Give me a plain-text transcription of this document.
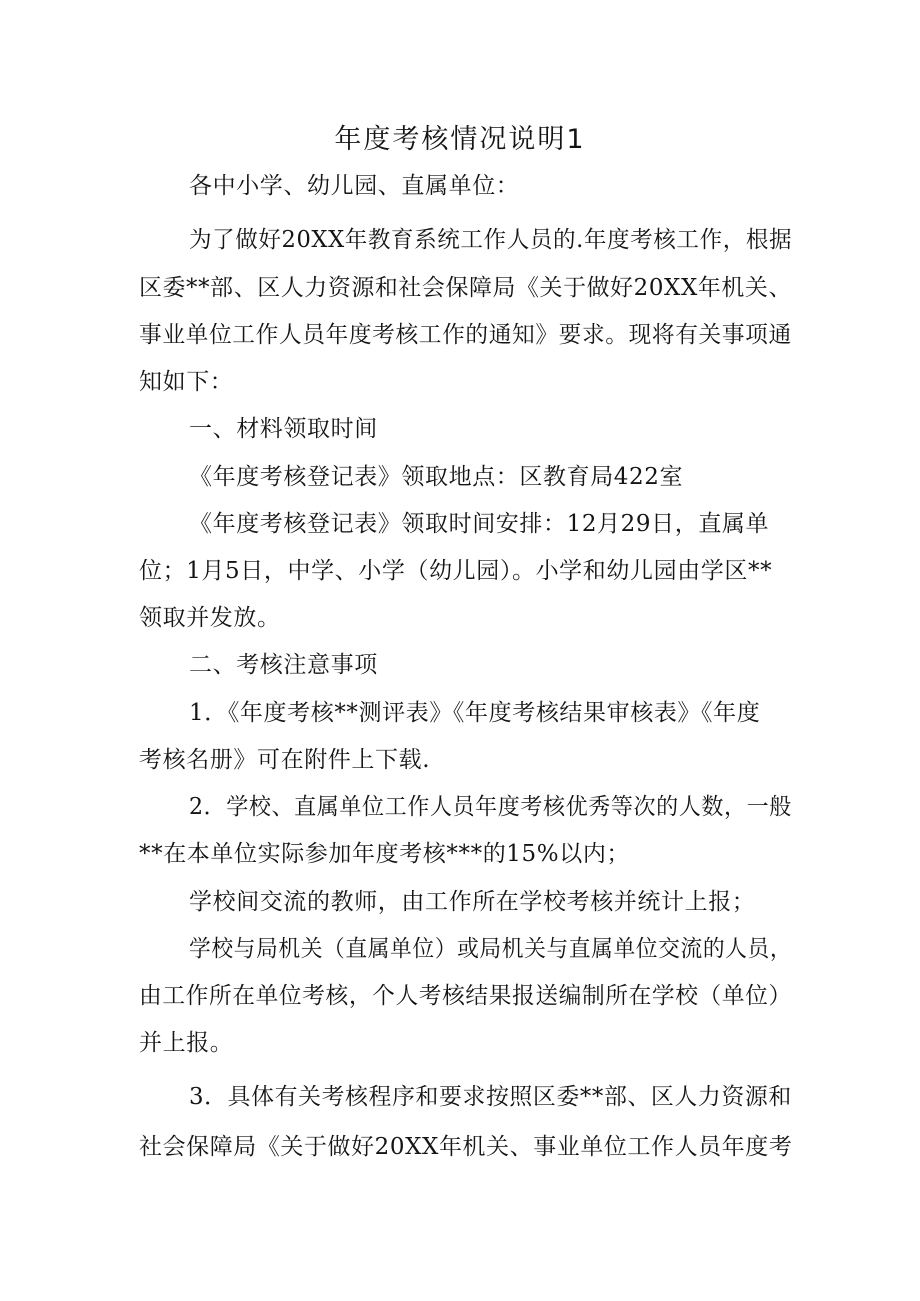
年度考核情况说明1
各中小学、幼儿园、直属单位：
为了做好20XX年教育系统工作人员的.年度考核工作，根据
区委**部、区人力资源和社会保障局《关于做好20XX年机关、
事业单位工作人员年度考核工作的通知》要求。现将有关事项通
知如下：
一、材料领取时间
《年度考核登记表》领取地点：区教育局422室
《年度考核登记表》领取时间安排：12月29日，直属单
位；1月5日，中学、小学（幼儿园）。小学和幼儿园由学区**
领取并发放。
二、考核注意事项
1．《年度考核**测评表》《年度考核结果审核表》《年度
考核名册》可在附件上下载.
2．学校、直属单位工作人员年度考核优秀等次的人数，一般
**在本单位实际参加年度考核***的15%以内；
学校间交流的教师，由工作所在学校考核并统计上报；
学校与局机关（直属单位）或局机关与直属单位交流的人员，
由工作所在单位考核，个人考核结果报送编制所在学校（单位）
并上报。
3．具体有关考核程序和要求按照区委**部、区人力资源和
社会保障局《关于做好20XX年机关、事业单位工作人员年度考
